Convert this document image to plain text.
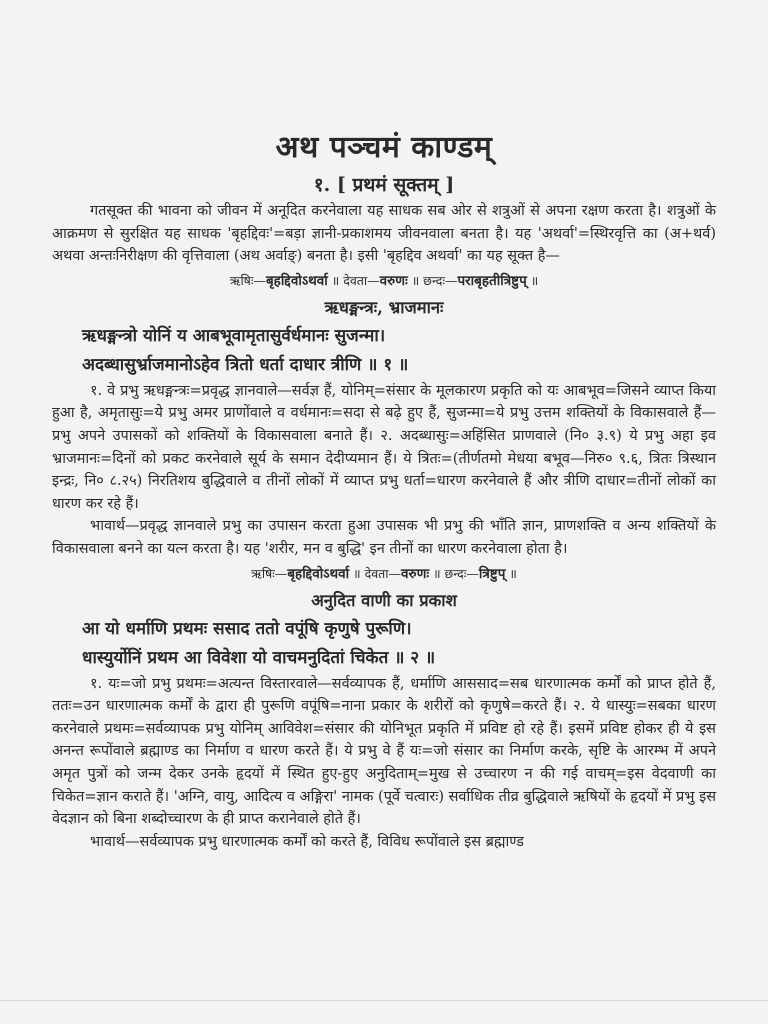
अथ पञ्चमं काण्डम्
१. [ प्रथमं सूक्तम् ]

गतसूक्त की भावना को जीवन में अनूदित करनेवाला यह साधक सब ओर से शत्रुओं से अपना रक्षण करता है। शत्रुओं के आक्रमण से सुरक्षित यह साधक 'बृहद्दिवः'=बड़ा ज्ञानी-प्रकाशमय जीवनवाला बनता है। यह 'अथर्वा'=स्थिरवृत्ति का (अ+थर्व) अथवा अन्तःनिरीक्षण की वृत्तिवाला (अथ अर्वाङ्) बनता है। इसी 'बृहद्दिव अथर्वा' का यह सूक्त है—

ऋषिः—बृहद्दिवोऽथर्वा ॥ देवता—वरुणः ॥ छन्दः—पराबृहतीत्रिष्टुप् ॥
ऋधङ्मन्त्रः, भ्राजमानः
ऋधङ्मन्त्रो योनिं य आबभूवामृतासुर्वर्धमानः सुजन्मा।
अदब्धासुर्भ्राजमानोऽहेव त्रितो धर्ता दाधार त्रीणि ॥ १ ॥

१. वे प्रभु ऋधङ्मन्त्रः=प्रवृद्ध ज्ञानवाले—सर्वज्ञ हैं, योनिम्=संसार के मूलकारण प्रकृति को यः आबभूव=जिसने व्याप्त किया हुआ है, अमृतासुः=ये प्रभु अमर प्राणोंवाले व वर्धमानः=सदा से बढ़े हुए हैं, सुजन्मा=ये प्रभु उत्तम शक्तियों के विकासवाले हैं—प्रभु अपने उपासकों को शक्तियों के विकासवाला बनाते हैं। २. अदब्धासुः=अहिंसित प्राणवाले (नि० ३.९) ये प्रभु अहा इव भ्राजमानः=दिनों को प्रकट करनेवाले सूर्य के समान देदीप्यमान हैं। ये त्रितः=(तीर्णतमो मेधया बभूव—निरु० ९.६, त्रितः त्रिस्थान इन्द्रः, नि० ८.२५) निरतिशय बुद्धिवाले व तीनों लोकों में व्याप्त प्रभु धर्ता=धारण करनेवाले हैं और त्रीणि दाधार=तीनों लोकों का धारण कर रहे हैं।

भावार्थ—प्रवृद्ध ज्ञानवाले प्रभु का उपासन करता हुआ उपासक भी प्रभु की भाँति ज्ञान, प्राणशक्ति व अन्य शक्तियों के विकासवाला बनने का यत्न करता है। यह 'शरीर, मन व बुद्धि' इन तीनों का धारण करनेवाला होता है।

ऋषिः—बृहद्दिवोऽथर्वा ॥ देवता—वरुणः ॥ छन्दः—त्रिष्टुप् ॥
अनुदित वाणी का प्रकाश
आ यो धर्माणि प्रथमः ससाद ततो वपूंषि कृणुषे पुरूणि।
धास्युर्योनिं प्रथम आ विवेशा यो वाचमनुदितां चिकेत ॥ २ ॥

१. यः=जो प्रभु प्रथमः=अत्यन्त विस्तारवाले—सर्वव्यापक हैं, धर्माणि आससाद=सब धारणात्मक कर्मों को प्राप्त होते हैं, ततः=उन धारणात्मक कर्मों के द्वारा ही पुरूणि वपूंषि=नाना प्रकार के शरीरों को कृणुषे=करते हैं। २. ये धास्युः=सबका धारण करनेवाले प्रथमः=सर्वव्यापक प्रभु योनिम् आविवेश=संसार की योनिभूत प्रकृति में प्रविष्ट हो रहे हैं। इसमें प्रविष्ट होकर ही ये इस अनन्त रूपोंवाले ब्रह्माण्ड का निर्माण व धारण करते हैं। ये प्रभु वे हैं यः=जो संसार का निर्माण करके, सृष्टि के आरम्भ में अपने अमृत पुत्रों को जन्म देकर उनके हृदयों में स्थित हुए-हुए अनुदिताम्=मुख से उच्चारण न की गई वाचम्=इस वेदवाणी का चिकेत=ज्ञान कराते हैं। 'अग्नि, वायु, आदित्य व अङ्गिरा' नामक (पूर्वे चत्वारः) सर्वाधिक तीव्र बुद्धिवाले ऋषियों के हृदयों में प्रभु इस वेदज्ञान को बिना शब्दोच्चारण के ही प्राप्त करानेवाले होते हैं।

भावार्थ—सर्वव्यापक प्रभु धारणात्मक कर्मों को करते हैं, विविध रूपोंवाले इस ब्रह्माण्ड
